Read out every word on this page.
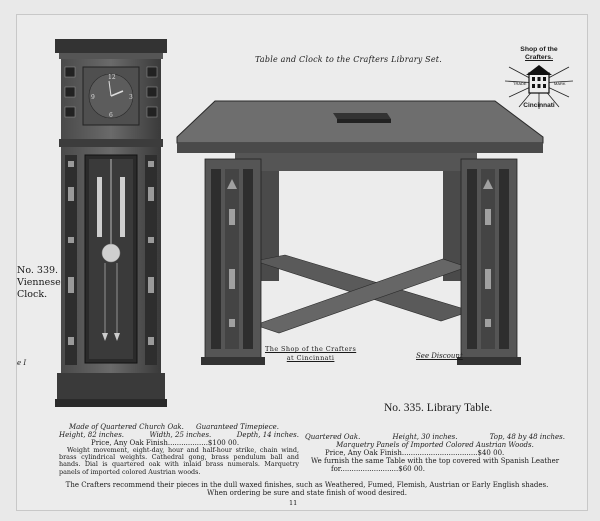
Table and Clock to the Crafters Library Set.
TRADE	MARK
Shop of the
Crafters.
Cincinnati
No. 339.
Viennese
Clock.
e I
12
3
6
9
The Shop of the Crafters
at Cincinnati	See Discount
No. 335. Library Table.
Made of Quartered Church Oak. Guaranteed Timepiece.
Height, 82 inches.	Width, 25 inches.	Depth, 14 inches.
Price, Any Oak Finish..................$100 00.
Weight movement, eight-day, hour and half-hour strike, chain wind, brass cylindrical weights. Cathedral gong, brass pendulum ball and hands. Dial is quartered oak with inlaid brass numerals. Marquetry panels of imported colored Austrian woods.
Quartered Oak.	Height, 30 inches.	Top, 48 by 48 inches.
Marquetry Panels of Imported Colored Austrian Woods.
Price, Any Oak Finish..................................$40 00.
We furnish the same Table with the top covered with Spanish Leather
for..........................$60 00.
The Crafters recommend their pieces in the dull waxed finishes, such as Weathered, Fumed, Flemish, Austrian or Early English shades.
When ordering be sure and state finish of wood desired.
11
